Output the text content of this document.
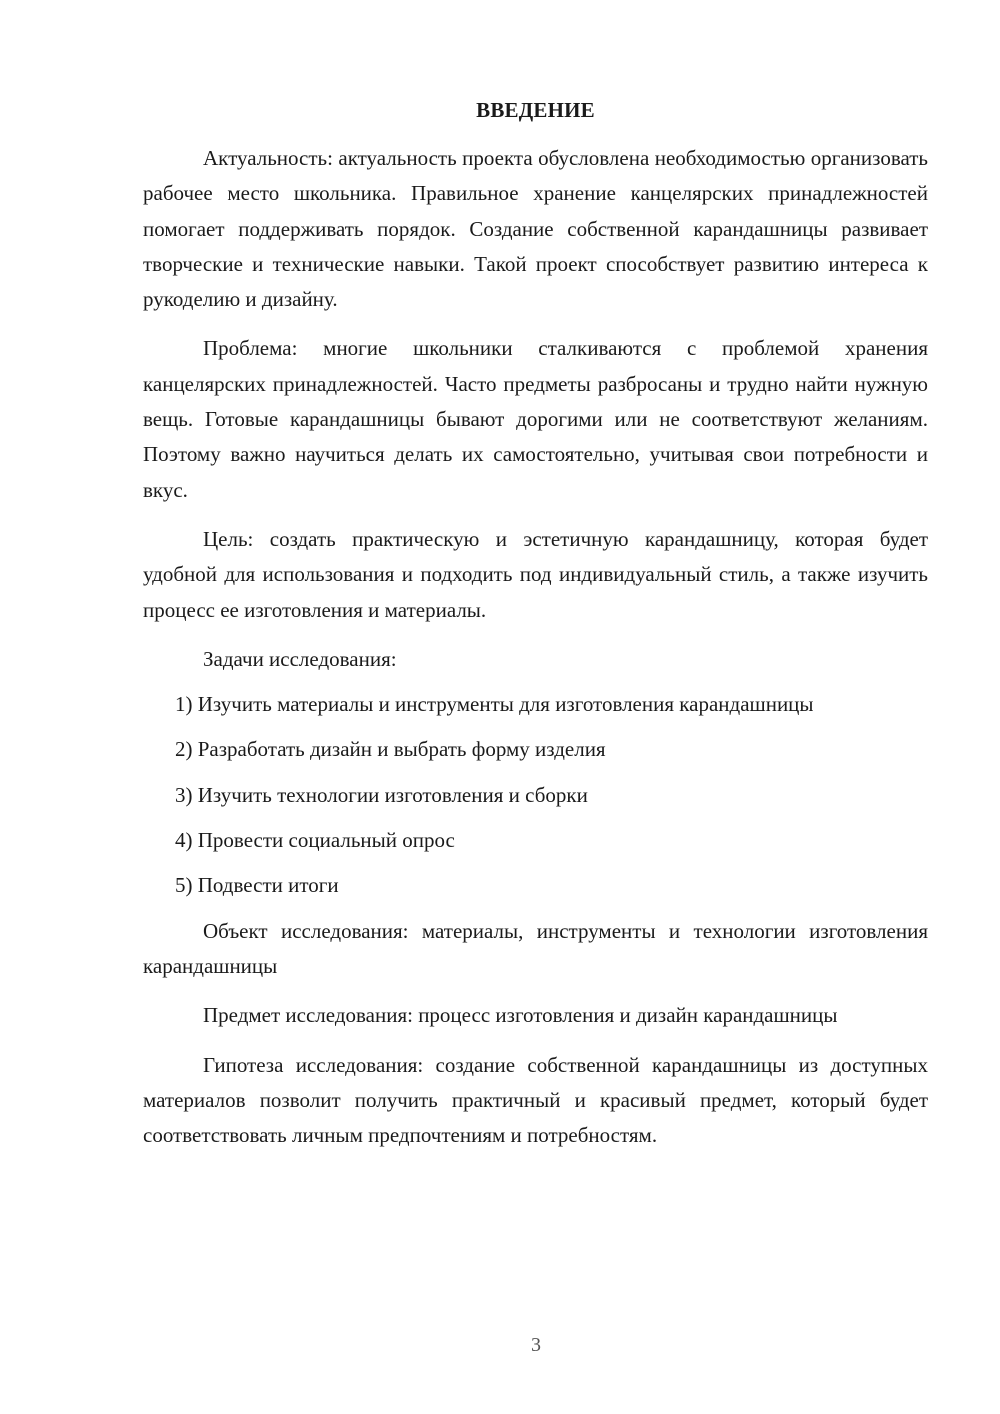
ВВЕДЕНИЕ

Актуальность: актуальность проекта обусловлена необходимостью организовать рабочее место школьника. Правильное хранение канцелярских принадлежностей помогает поддерживать порядок. Создание собственной карандашницы развивает творческие и технические навыки. Такой проект способствует развитию интереса к рукоделию и дизайну.

Проблема: многие школьники сталкиваются с проблемой хранения канцелярских принадлежностей. Часто предметы разбросаны и трудно найти нужную вещь. Готовые карандашницы бывают дорогими или не соответствуют желаниям. Поэтому важно научиться делать их самостоятельно, учитывая свои потребности и вкус.

Цель: создать практическую и эстетичную карандашницу, которая будет удобной для использования и подходить под индивидуальный стиль, а также изучить процесс ее изготовления и материалы.

Задачи исследования:

1) Изучить материалы и инструменты для изготовления карандашницы

2) Разработать дизайн и выбрать форму изделия

3) Изучить технологии изготовления и сборки

4) Провести социальный опрос

5) Подвести итоги

Объект исследования: материалы, инструменты и технологии изготовления карандашницы

Предмет исследования: процесс изготовления и дизайн карандашницы

Гипотеза исследования: создание собственной карандашницы из доступных материалов позволит получить практичный и красивый предмет, который будет соответствовать личным предпочтениям и потребностям.

3
